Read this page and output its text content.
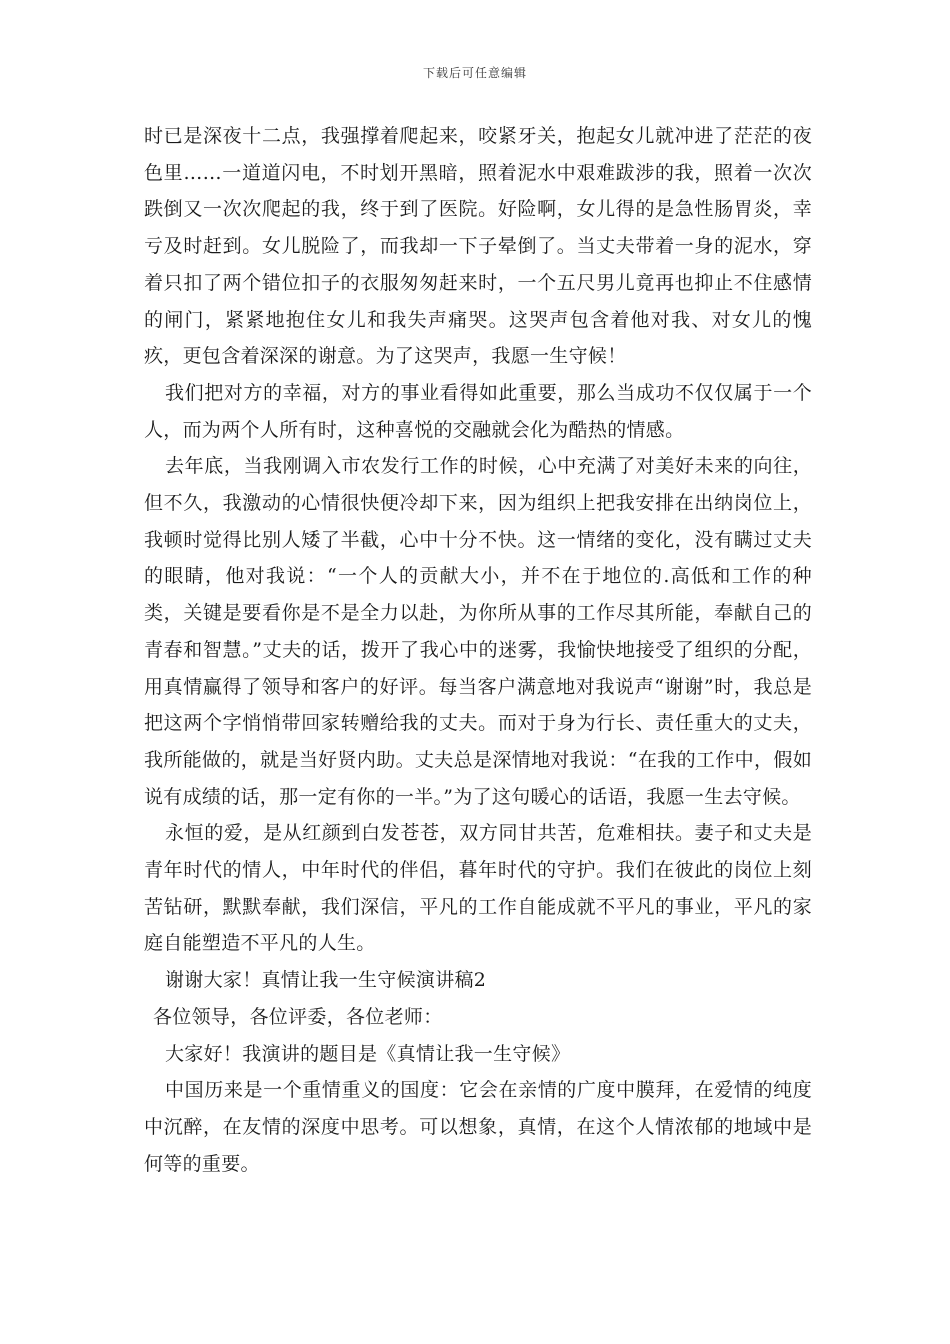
下载后可任意编辑

时已是深夜十二点，我强撑着爬起来，咬紧牙关，抱起女儿就冲进了茫茫的夜色里……一道道闪电，不时划开黑暗，照着泥水中艰难跋涉的我，照着一次次跌倒又一次次爬起的我，终于到了医院。好险啊，女儿得的是急性肠胃炎，幸亏及时赶到。女儿脱险了，而我却一下子晕倒了。当丈夫带着一身的泥水，穿着只扣了两个错位扣子的衣服匆匆赶来时，一个五尺男儿竟再也抑止不住感情的闸门，紧紧地抱住女儿和我失声痛哭。这哭声包含着他对我、对女儿的愧疚，更包含着深深的谢意。为了这哭声，我愿一生守候！

我们把对方的幸福，对方的事业看得如此重要，那么当成功不仅仅属于一个人，而为两个人所有时，这种喜悦的交融就会化为酷热的情感。

去年底，当我刚调入市农发行工作的时候，心中充满了对美好未来的向往，但不久，我激动的心情很快便冷却下来，因为组织上把我安排在出纳岗位上，我顿时觉得比别人矮了半截，心中十分不快。这一情绪的变化，没有瞒过丈夫的眼睛，他对我说：“一个人的贡献大小，并不在于地位的.高低和工作的种类，关键是要看你是不是全力以赴，为你所从事的工作尽其所能，奉献自己的青春和智慧。”丈夫的话，拨开了我心中的迷雾，我愉快地接受了组织的分配，用真情赢得了领导和客户的好评。每当客户满意地对我说声“谢谢”时，我总是把这两个字悄悄带回家转赠给我的丈夫。而对于身为行长、责任重大的丈夫，我所能做的，就是当好贤内助。丈夫总是深情地对我说：“在我的工作中，假如说有成绩的话，那一定有你的一半。”为了这句暖心的话语，我愿一生去守候。

永恒的爱，是从红颜到白发苍苍，双方同甘共苦，危难相扶。妻子和丈夫是青年时代的情人，中年时代的伴侣，暮年时代的守护。我们在彼此的岗位上刻苦钻研，默默奉献，我们深信，平凡的工作自能成就不平凡的事业，平凡的家庭自能塑造不平凡的人生。

谢谢大家！真情让我一生守候演讲稿2

各位领导，各位评委，各位老师：

大家好！我演讲的题目是《真情让我一生守候》

中国历来是一个重情重义的国度：它会在亲情的广度中膜拜，在爱情的纯度中沉醉，在友情的深度中思考。可以想象，真情，在这个人情浓郁的地域中是何等的重要。
